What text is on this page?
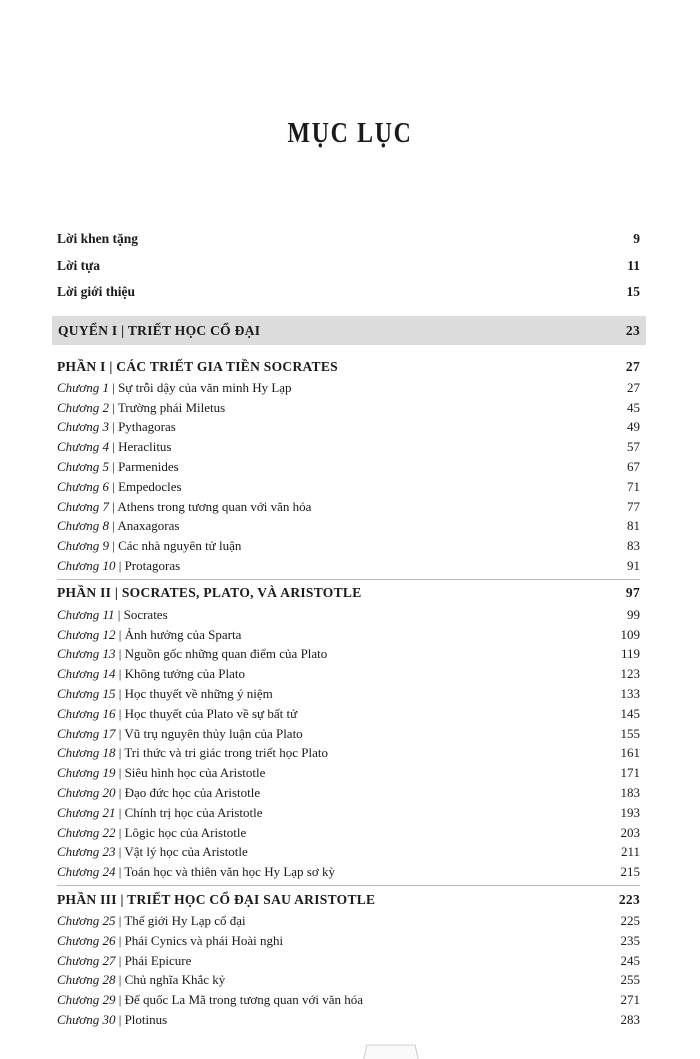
MỤC LỤC
Lời khen tặng	9
Lời tựa	11
Lời giới thiệu	15
QUYỂN I | TRIẾT HỌC CỔ ĐẠI	23
PHẦN I | CÁC TRIẾT GIA TIỀN SOCRATES	27
Chương 1 | Sự trỗi dậy của văn minh Hy Lạp	27
Chương 2 | Trường phái Miletus	45
Chương 3 | Pythagoras	49
Chương 4 | Heraclitus	57
Chương 5 | Parmenides	67
Chương 6 | Empedocles	71
Chương 7 | Athens trong tương quan với văn hóa	77
Chương 8 | Anaxagoras	81
Chương 9 | Các nhà nguyên tử luận	83
Chương 10 | Protagoras	91
PHẦN II | SOCRATES, PLATO, VÀ ARISTOTLE	97
Chương 11 | Socrates	99
Chương 12 | Ảnh hưởng của Sparta	109
Chương 13 | Nguồn gốc những quan điểm của Plato	119
Chương 14 | Không tưởng của Plato	123
Chương 15 | Học thuyết về những ý niệm	133
Chương 16 | Học thuyết của Plato về sự bất tử	145
Chương 17 | Vũ trụ nguyên thủy luận của Plato	155
Chương 18 | Tri thức và tri giác trong triết học Plato	161
Chương 19 | Siêu hình học của Aristotle	171
Chương 20 | Đạo đức học của Aristotle	183
Chương 21 | Chính trị học của Aristotle	193
Chương 22 | Lôgic học của Aristotle	203
Chương 23 | Vật lý học của Aristotle	211
Chương 24 | Toán học và thiên văn học Hy Lạp sơ kỳ	215
PHẦN III | TRIẾT HỌC CỔ ĐẠI SAU ARISTOTLE	223
Chương 25 | Thế giới Hy Lạp cổ đại	225
Chương 26 | Phái Cynics và phái Hoài nghi	235
Chương 27 | Phái Epicure	245
Chương 28 | Chủ nghĩa Khắc kỷ	255
Chương 29 | Đế quốc La Mã trong tương quan với văn hóa	271
Chương 30 | Plotinus	283
